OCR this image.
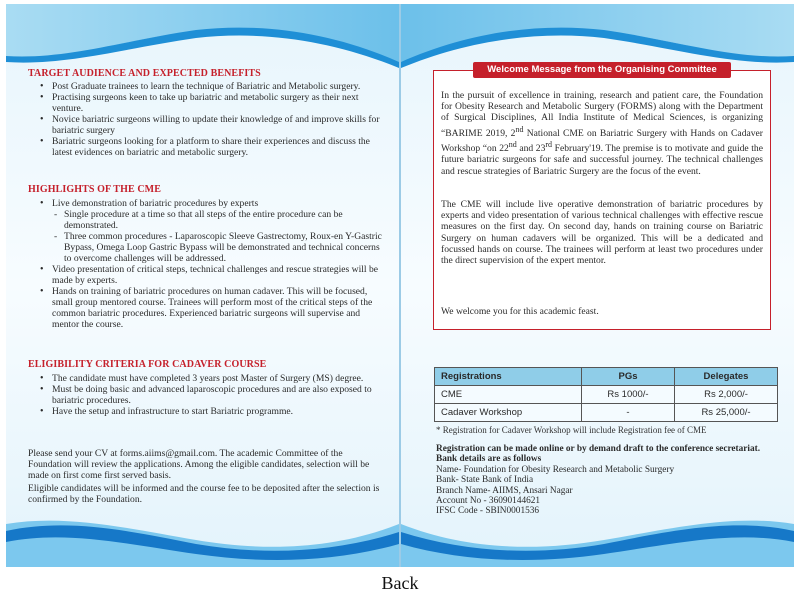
TARGET AUDIENCE AND EXPECTED BENEFITS
• Post Graduate trainees to learn the technique of Bariatric and Metabolic surgery.
• Practising surgeons keen to take up bariatric and metabolic surgery as their next venture.
• Novice bariatric surgeons willing to update their knowledge of and improve skills for bariatric surgery
• Bariatric surgeons looking for a platform to share their experiences and discuss the latest evidences on bariatric and metabolic surgery.
HIGHLIGHTS OF THE CME
• Live demonstration of bariatric procedures by experts
- Single procedure at a time so that all steps of the entire procedure can be demonstrated.
- Three common procedures - Laparoscopic Sleeve Gastrectomy, Roux-en Y-Gastric Bypass, Omega Loop Gastric Bypass will be demonstrated and technical concerns to overcome challenges will be addressed.
• Video presentation of critical steps, technical challenges and rescue strategies will be made by experts.
• Hands on training of bariatric procedures on human cadaver. This will be focused, small group mentored course. Trainees will perform most of the critical steps of the common bariatric procedures. Experienced bariatric surgeons will supervise and mentor the course.
ELIGIBILITY CRITERIA FOR CADAVER COURSE
• The candidate must have completed 3 years post Master of Surgery (MS) degree.
• Must be doing basic and advanced laparoscopic procedures and are also exposed to bariatric procedures.
• Have the setup and infrastructure to start Bariatric programme.
Please send your CV at forms.aiims@gmail.com. The academic Committee of the Foundation will review the applications. Among the eligible candidates, selection will be made on first come first served basis.
Eligible candidates will be informed and the course fee to be deposited after the selection is confirmed by the Foundation.
Welcome Message from the Organising Committee
In the pursuit of excellence in training, research and patient care, the Foundation for Obesity Research and Metabolic Surgery (FORMS) along with the Department of Surgical Disciplines, All India Institute of Medical Sciences, is organizing “BARIME 2019, 2nd National CME on Bariatric Surgery with Hands on Cadaver Workshop “on 22nd and 23rd February'19. The premise is to motivate and guide the future bariatric surgeons for safe and successful journey. The technical challenges and rescue strategies of Bariatric Surgery are the focus of the event.
The CME will include live operative demonstration of bariatric procedures by experts and video presentation of various technical challenges with effective rescue measures on the first day. On second day, hands on training course on Bariatric Surgery on human cadavers will be organized. This will be a dedicated and focussed hands on course. The trainees will perform at least two procedures under the direct supervision of the expert mentor.
We welcome you for this academic feast.
Registrations	PGs	Delegates
CME	Rs 1000/-	Rs 2,000/-
Cadaver Workshop	-	Rs 25,000/-
* Registration for Cadaver Workshop will include Registration fee of CME
Registration can be made online or by demand draft to the conference secretariat.
Bank details are as follows
Name- Foundation for Obesity Research and Metabolic Surgery
Bank- State Bank of India
Branch Name- AIIMS, Ansari Nagar
Account No - 36090144621
IFSC Code - SBIN0001536
Back
